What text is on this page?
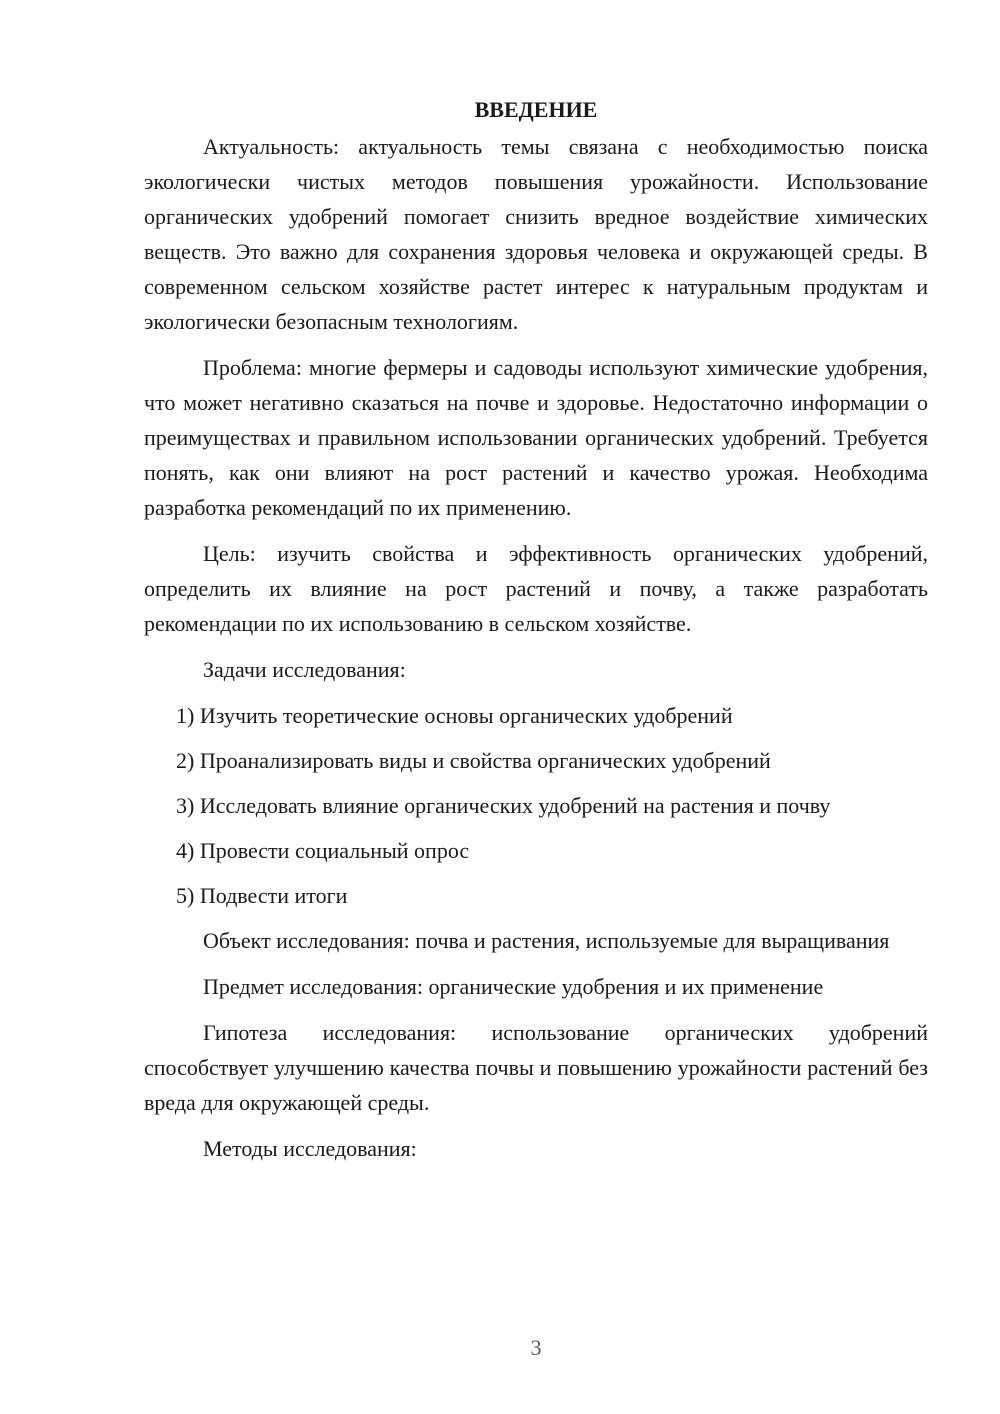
ВВЕДЕНИЕ

Актуальность: актуальность темы связана с необходимостью поиска экологически чистых методов повышения урожайности. Использование органических удобрений помогает снизить вредное воздействие химических веществ. Это важно для сохранения здоровья человека и окружающей среды. В современном сельском хозяйстве растет интерес к натуральным продуктам и экологически безопасным технологиям.

Проблема: многие фермеры и садоводы используют химические удобрения, что может негативно сказаться на почве и здоровье. Недостаточно информации о преимуществах и правильном использовании органических удобрений. Требуется понять, как они влияют на рост растений и качество урожая. Необходима разработка рекомендаций по их применению.

Цель: изучить свойства и эффективность органических удобрений, определить их влияние на рост растений и почву, а также разработать рекомендации по их использованию в сельском хозяйстве.

Задачи исследования:

1) Изучить теоретические основы органических удобрений
2) Проанализировать виды и свойства органических удобрений
3) Исследовать влияние органических удобрений на растения и почву
4) Провести социальный опрос
5) Подвести итоги

Объект исследования: почва и растения, используемые для выращивания

Предмет исследования: органические удобрения и их применение

Гипотеза исследования: использование органических удобрений способствует улучшению качества почвы и повышению урожайности растений без вреда для окружающей среды.

Методы исследования:

3
